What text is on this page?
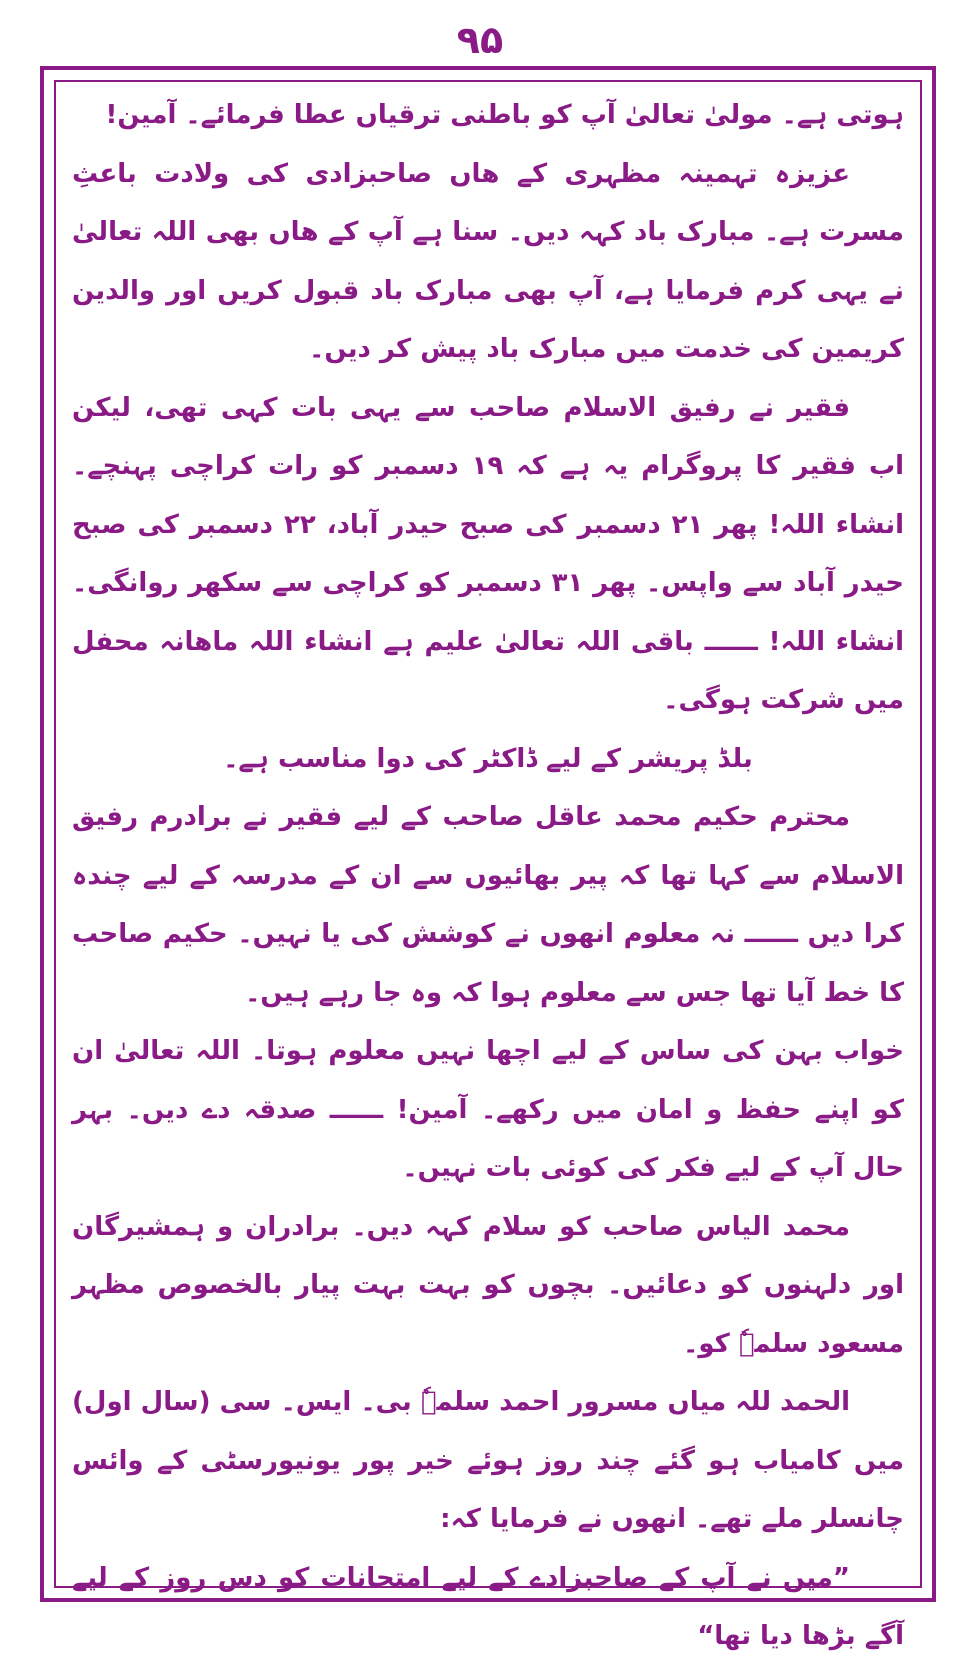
۹۵

ہوتی ہے۔ مولیٰ تعالیٰ آپ کو باطنی ترقیاں عطا فرمائے۔ آمین!

عزیزہ تہمینہ مظہری کے ھاں صاحبزادی کی ولادت باعثِ مسرت ہے۔ مبارک باد کہہ دیں۔ سنا ہے آپ کے ھاں بھی اللہ تعالیٰ نے یہی کرم فرمایا ہے، آپ بھی مبارک باد قبول کریں اور والدین کریمین کی خدمت میں مبارک باد پیش کر دیں۔

فقیر نے رفیق الاسلام صاحب سے یہی بات کہی تھی، لیکن اب فقیر کا پروگرام یہ ہے کہ ۱۹ دسمبر کو رات کراچی پہنچے۔ انشاء اللہ! پھر ۲۱ دسمبر کی صبح حیدر آباد، ۲۲ دسمبر کی صبح حیدر آباد سے واپس۔ پھر ۳۱ دسمبر کو کراچی سے سکھر روانگی۔ انشاء اللہ! ــــــ باقی اللہ تعالیٰ علیم ہے انشاء اللہ ماھانہ محفل میں شرکت ہوگی۔

بلڈ پریشر کے لیے ڈاکٹر کی دوا مناسب ہے۔

محترم حکیم محمد عاقل صاحب کے لیے فقیر نے برادرم رفیق الاسلام سے کہا تھا کہ پیر بھائیوں سے ان کے مدرسہ کے لیے چندہ کرا دیں ــــــ نہ معلوم انھوں نے کوشش کی یا نہیں۔ حکیم صاحب کا خط آیا تھا جس سے معلوم ہوا کہ وہ جا رہے ہیں۔

خواب بہن کی ساس کے لیے اچھا نہیں معلوم ہوتا۔ اللہ تعالیٰ ان کو اپنے حفظ و امان میں رکھے۔ آمین! ــــــ صدقہ دے دیں۔ بہر حال آپ کے لیے فکر کی کوئی بات نہیں۔

محمد الیاس صاحب کو سلام کہہ دیں۔ برادران و ہمشیرگان اور دلہنوں کو دعائیں۔ بچوں کو بہت بہت پیار بالخصوص مظہر مسعود سلمہٗ کو۔

الحمد للہ میاں مسرور احمد سلمہٗ بی۔ ایس۔ سی (سال اول) میں کامیاب ہو گئے چند روز ہوئے خیر پور یونیورسٹی کے وائس چانسلر ملے تھے۔ انھوں نے فرمایا کہ:

”میں نے آپ کے صاحبزادے کے لیے امتحانات کو دس روز کے لیے آگے بڑھا دیا تھا“
